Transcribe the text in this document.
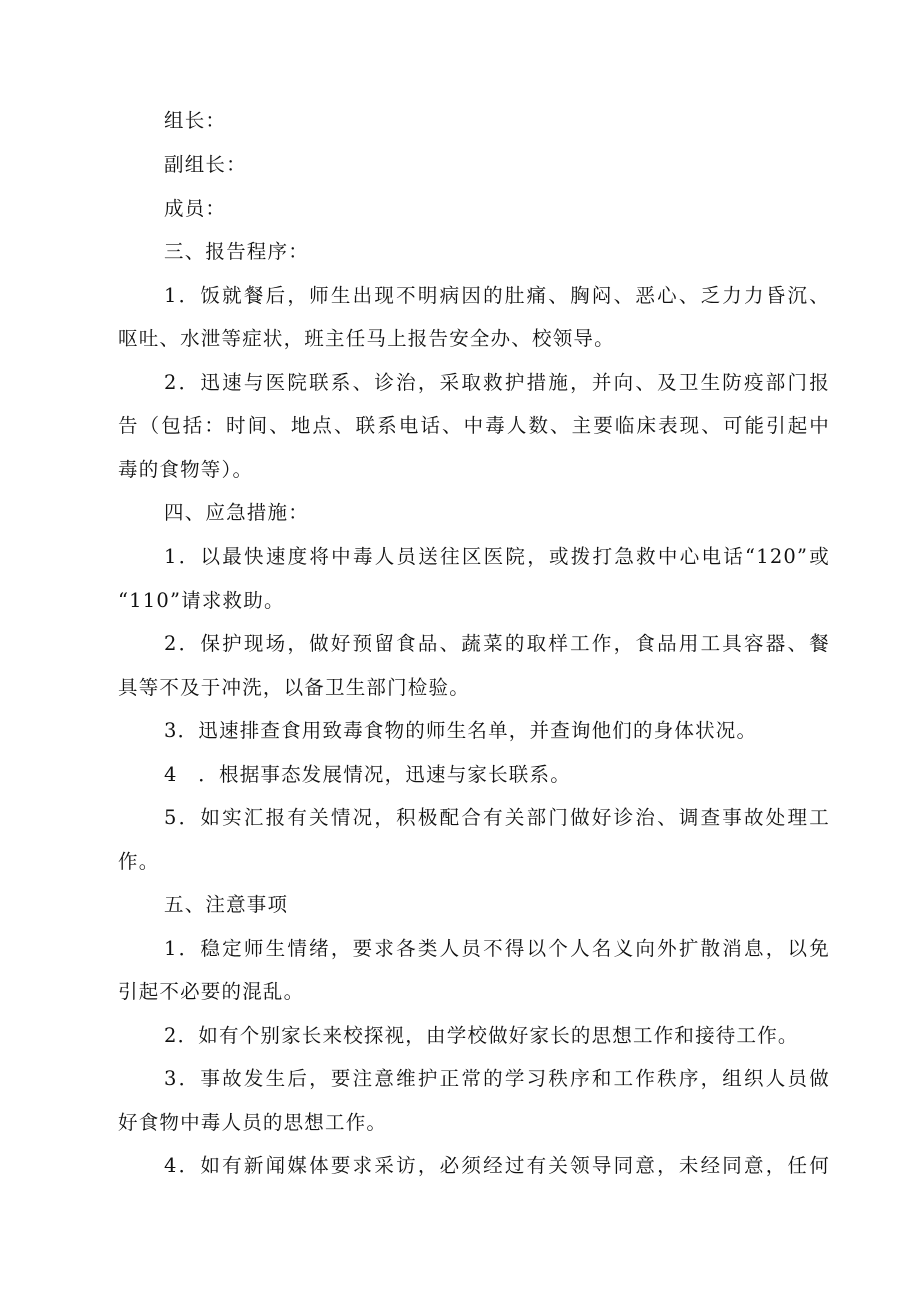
组长：
副组长：
成员：
三、报告程序：
1．饭就餐后，师生出现不明病因的肚痛、胸闷、恶心、乏力力昏沉、
呕吐、水泄等症状，班主任马上报告安全办、校领导。
2．迅速与医院联系、诊治，采取救护措施，并向、及卫生防疫部门报
告（包括：时间、地点、联系电话、中毒人数、主要临床表现、可能引起中
毒的食物等）。
四、应急措施：
1．以最快速度将中毒人员送往区医院，或拨打急救中心电话“120”或
“110”请求救助。
2．保护现场，做好预留食品、蔬菜的取样工作，食品用工具容器、餐
具等不及于冲洗，以备卫生部门检验。
3．迅速排查食用致毒食物的师生名单，并查询他们的身体状况。
4　．根据事态发展情况，迅速与家长联系。
5．如实汇报有关情况，积极配合有关部门做好诊治、调查事故处理工
作。
五、注意事项
1．稳定师生情绪，要求各类人员不得以个人名义向外扩散消息，以免
引起不必要的混乱。
2．如有个别家长来校探视，由学校做好家长的思想工作和接待工作。
3．事故发生后，要注意维护正常的学习秩序和工作秩序，组织人员做
好食物中毒人员的思想工作。
4．如有新闻媒体要求采访，必须经过有关领导同意，未经同意，任何
